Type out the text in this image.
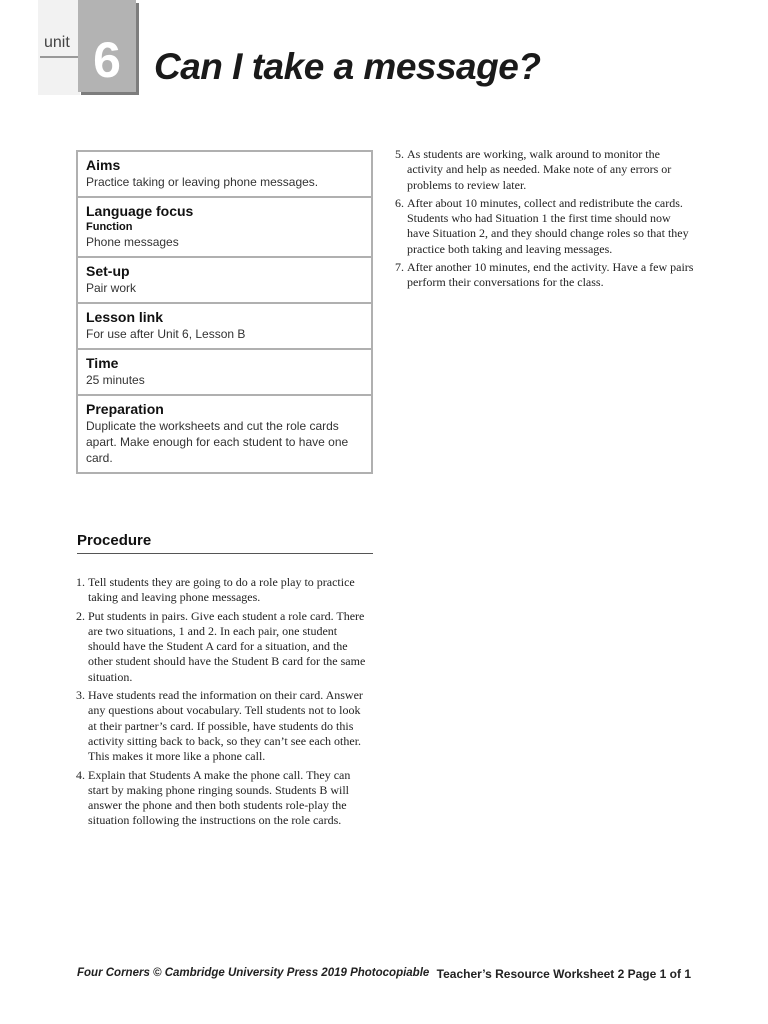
unit 6 Can I take a message?

Aims

Practice taking or leaving phone messages.

Language focus

Function

Phone messages

Set-up

Pair work

Lesson link

For use after Unit 6, Lesson B

Time

25 minutes

Preparation

Duplicate the worksheets and cut the role cards apart. Make enough for each student to have one card.

Procedure
1. Tell students they are going to do a role play to practice taking and leaving phone messages.
2. Put students in pairs. Give each student a role card. There are two situations, 1 and 2. In each pair, one student should have the Student A card for a situation, and the other student should have the Student B card for the same situation.
3. Have students read the information on their card. Answer any questions about vocabulary. Tell students not to look at their partner’s card. If possible, have students do this activity sitting back to back, so they can’t see each other. This makes it more like a phone call.
4. Explain that Students A make the phone call. They can start by making phone ringing sounds. Students B will answer the phone and then both students role-play the situation following the instructions on the role cards.
5. As students are working, walk around to monitor the activity and help as needed. Make note of any errors or problems to review later.
6. After about 10 minutes, collect and redistribute the cards. Students who had Situation 1 the first time should now have Situation 2, and they should change roles so that they practice both taking and leaving messages.
7. After another 10 minutes, end the activity. Have a few pairs perform their conversations for the class.
Four Corners © Cambridge University Press 2019 Photocopiable Teacher’s Resource Worksheet 2 Page 1 of 1
